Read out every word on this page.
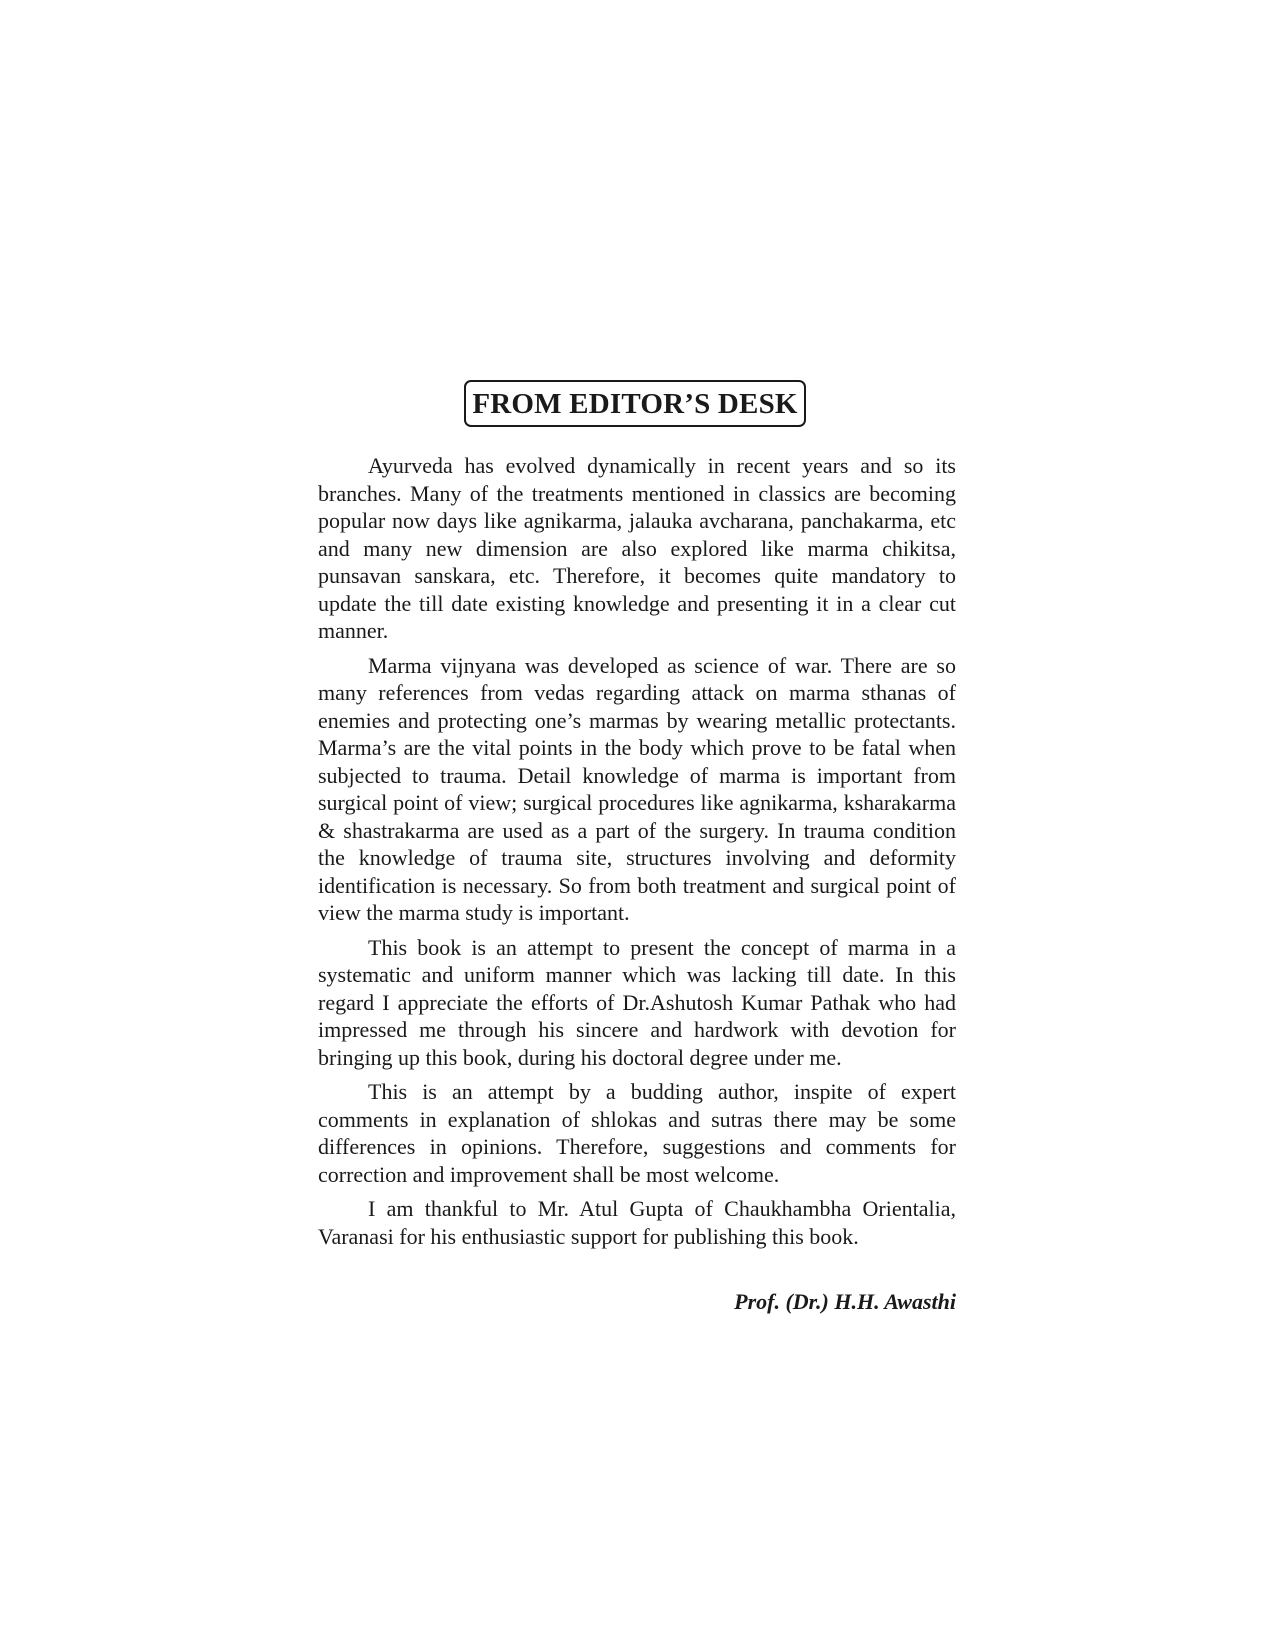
FROM EDITOR’S DESK

Ayurveda has evolved dynamically in recent years and so its branches. Many of the treatments mentioned in classics are becoming popular now days like agnikarma, jalauka avcharana, panchakarma, etc and many new dimension are also explored like marma chikitsa, punsavan sanskara, etc. Therefore, it becomes quite mandatory to update the till date existing knowledge and presenting it in a clear cut manner.

Marma vijnyana was developed as science of war. There are so many references from vedas regarding attack on marma sthanas of enemies and protecting one’s marmas by wearing metallic protectants. Marma’s are the vital points in the body which prove to be fatal when subjected to trauma. Detail knowledge of marma is important from surgical point of view; surgical procedures like agnikarma, ksharakarma & shastrakarma are used as a part of the surgery. In trauma condition the knowledge of trauma site, structures involving and deformity identification is necessary. So from both treatment and surgical point of view the marma study is important.

This book is an attempt to present the concept of marma in a systematic and uniform manner which was lacking till date. In this regard I appreciate the efforts of Dr.Ashutosh Kumar Pathak who had impressed me through his sincere and hardwork with devotion for bringing up this book, during his doctoral degree under me.

This is an attempt by a budding author, inspite of expert comments in explanation of shlokas and sutras there may be some differences in opinions. Therefore, suggestions and comments for correction and improvement shall be most welcome.

I am thankful to Mr. Atul Gupta of Chaukhambha Orientalia, Varanasi for his enthusiastic support for publishing this book.

Prof. (Dr.) H.H. Awasthi
